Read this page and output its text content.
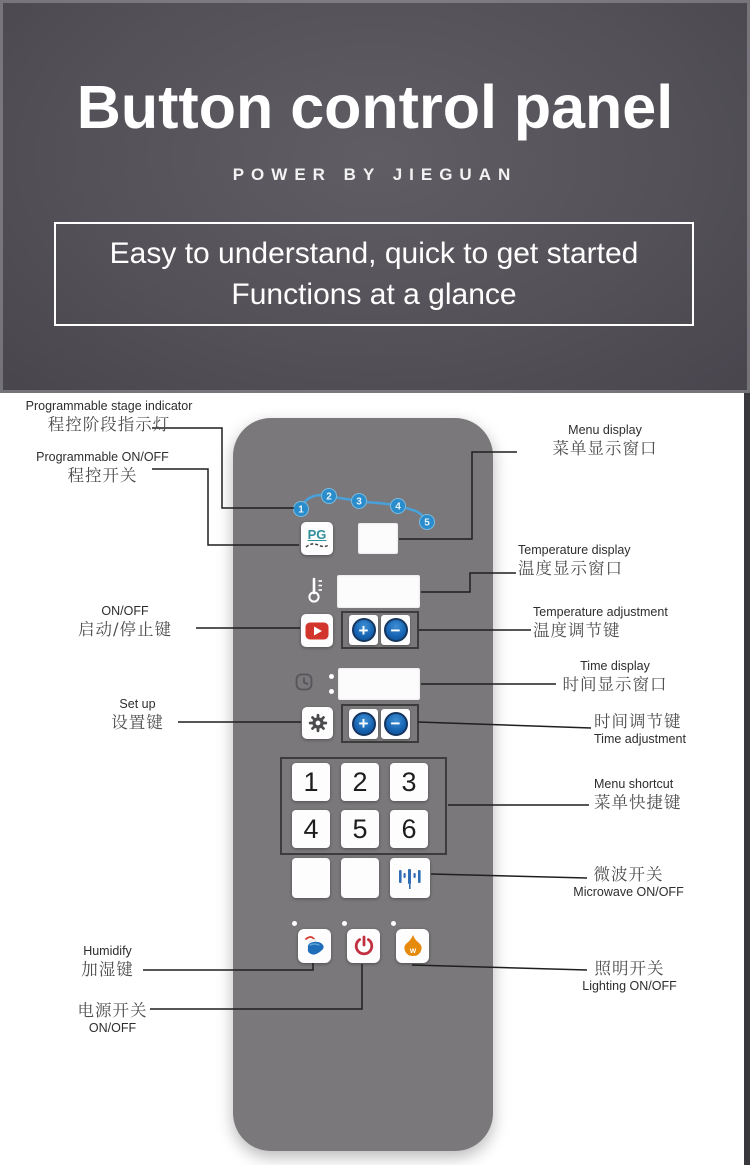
Button control panel
POWER BY JIEGUAN
Easy to understand, quick to get started
Functions at a glance
1
2 3	4
5
PG
+	−
+	−
1 2 3
4 5 6
w
Programmable stage indicator
程控阶段指示灯
Programmable ON/OFF
程控开关
ON/OFF
启动/停止键
Set up
设置键
Humidify
加湿键
电源开关
ON/OFF
Menu display
菜单显示窗口
Temperature display
温度显示窗口
Temperature adjustment
温度调节键
Time display
时间显示窗口
时间调节键
Time adjustment
Menu shortcut
菜单快捷键
微波开关
Microwave ON/OFF
照明开关
Lighting ON/OFF
